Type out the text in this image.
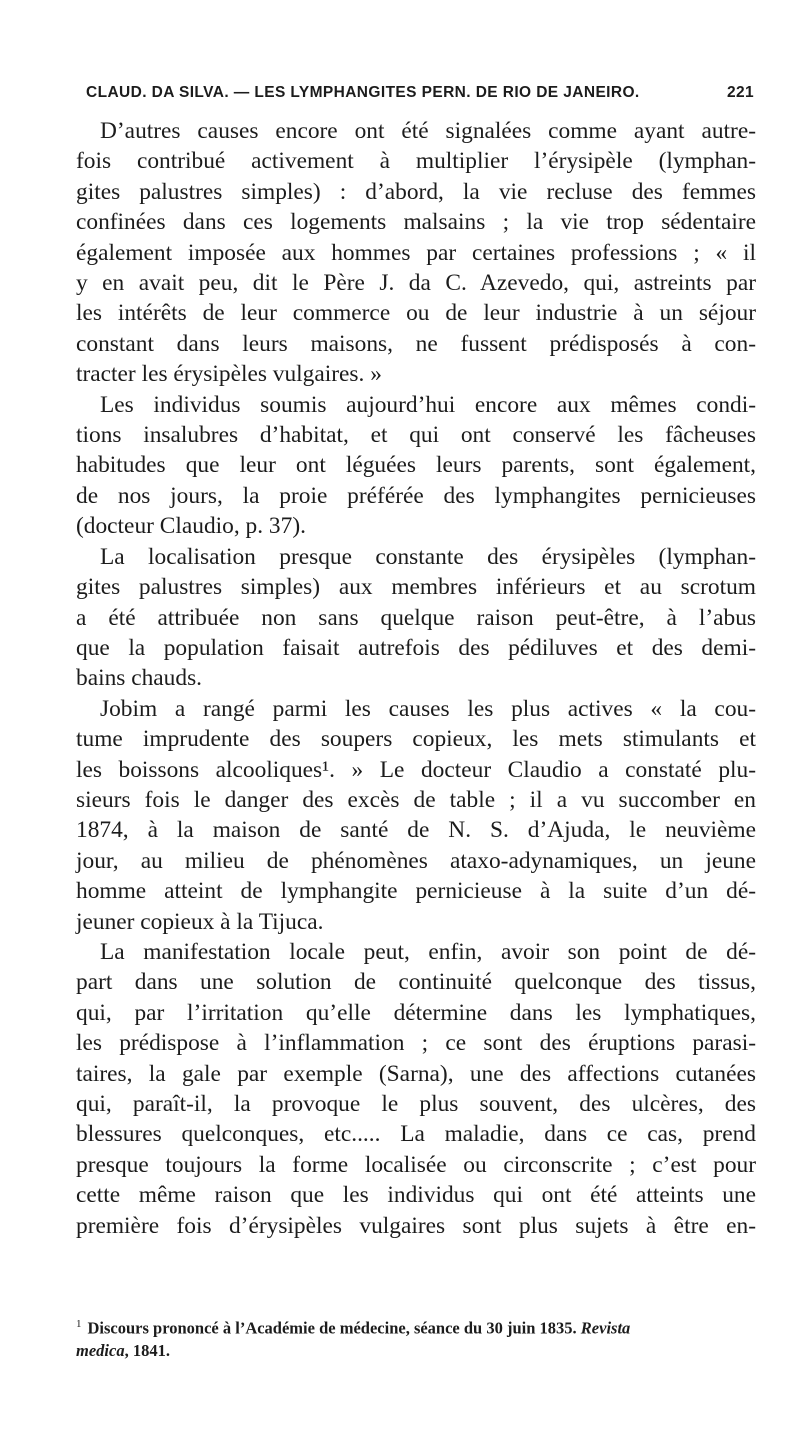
CLAUD. DA SILVA. — LES LYMPHANGITES PERN. DE RIO DE JANEIRO.	221
D’autres causes encore ont été signalées comme ayant autre-
fois contribué activement à multiplier l’érysipèle (lymphan-
gites palustres simples) : d’abord, la vie recluse des femmes
confinées dans ces logements malsains ; la vie trop sédentaire
également imposée aux hommes par certaines professions ; « il
y en avait peu, dit le Père J. da C. Azevedo, qui, astreints par
les intérêts de leur commerce ou de leur industrie à un séjour
constant dans leurs maisons, ne fussent prédisposés à con-
tracter les érysipèles vulgaires. »
Les individus soumis aujourd’hui encore aux mêmes condi-
tions insalubres d’habitat, et qui ont conservé les fâcheuses
habitudes que leur ont léguées leurs parents, sont également,
de nos jours, la proie préférée des lymphangites pernicieuses
(docteur Claudio, p. 37).
La localisation presque constante des érysipèles (lymphan-
gites palustres simples) aux membres inférieurs et au scrotum
a été attribuée non sans quelque raison peut-être, à l’abus
que la population faisait autrefois des pédiluves et des demi-
bains chauds.
Jobim a rangé parmi les causes les plus actives « la cou-
tume imprudente des soupers copieux, les mets stimulants et
les boissons alcooliques¹. » Le docteur Claudio a constaté plu-
sieurs fois le danger des excès de table ; il a vu succomber en
1874, à la maison de santé de N. S. d’Ajuda, le neuvième
jour, au milieu de phénomènes ataxo-adynamiques, un jeune
homme atteint de lymphangite pernicieuse à la suite d’un dé-
jeuner copieux à la Tijuca.
La manifestation locale peut, enfin, avoir son point de dé-
part dans une solution de continuité quelconque des tissus,
qui, par l’irritation qu’elle détermine dans les lymphatiques,
les prédispose à l’inflammation ; ce sont des éruptions parasi-
taires, la gale par exemple (Sarna), une des affections cutanées
qui, paraît-il, la provoque le plus souvent, des ulcères, des
blessures quelconques, etc..... La maladie, dans ce cas, prend
presque toujours la forme localisée ou circonscrite ; c’est pour
cette même raison que les individus qui ont été atteints une
première fois d’érysipèles vulgaires sont plus sujets à être en-
$^1$ Discours prononcé à l’Académie de médecine, séance du 30 juin 1835. Revista
medica, 1841.
